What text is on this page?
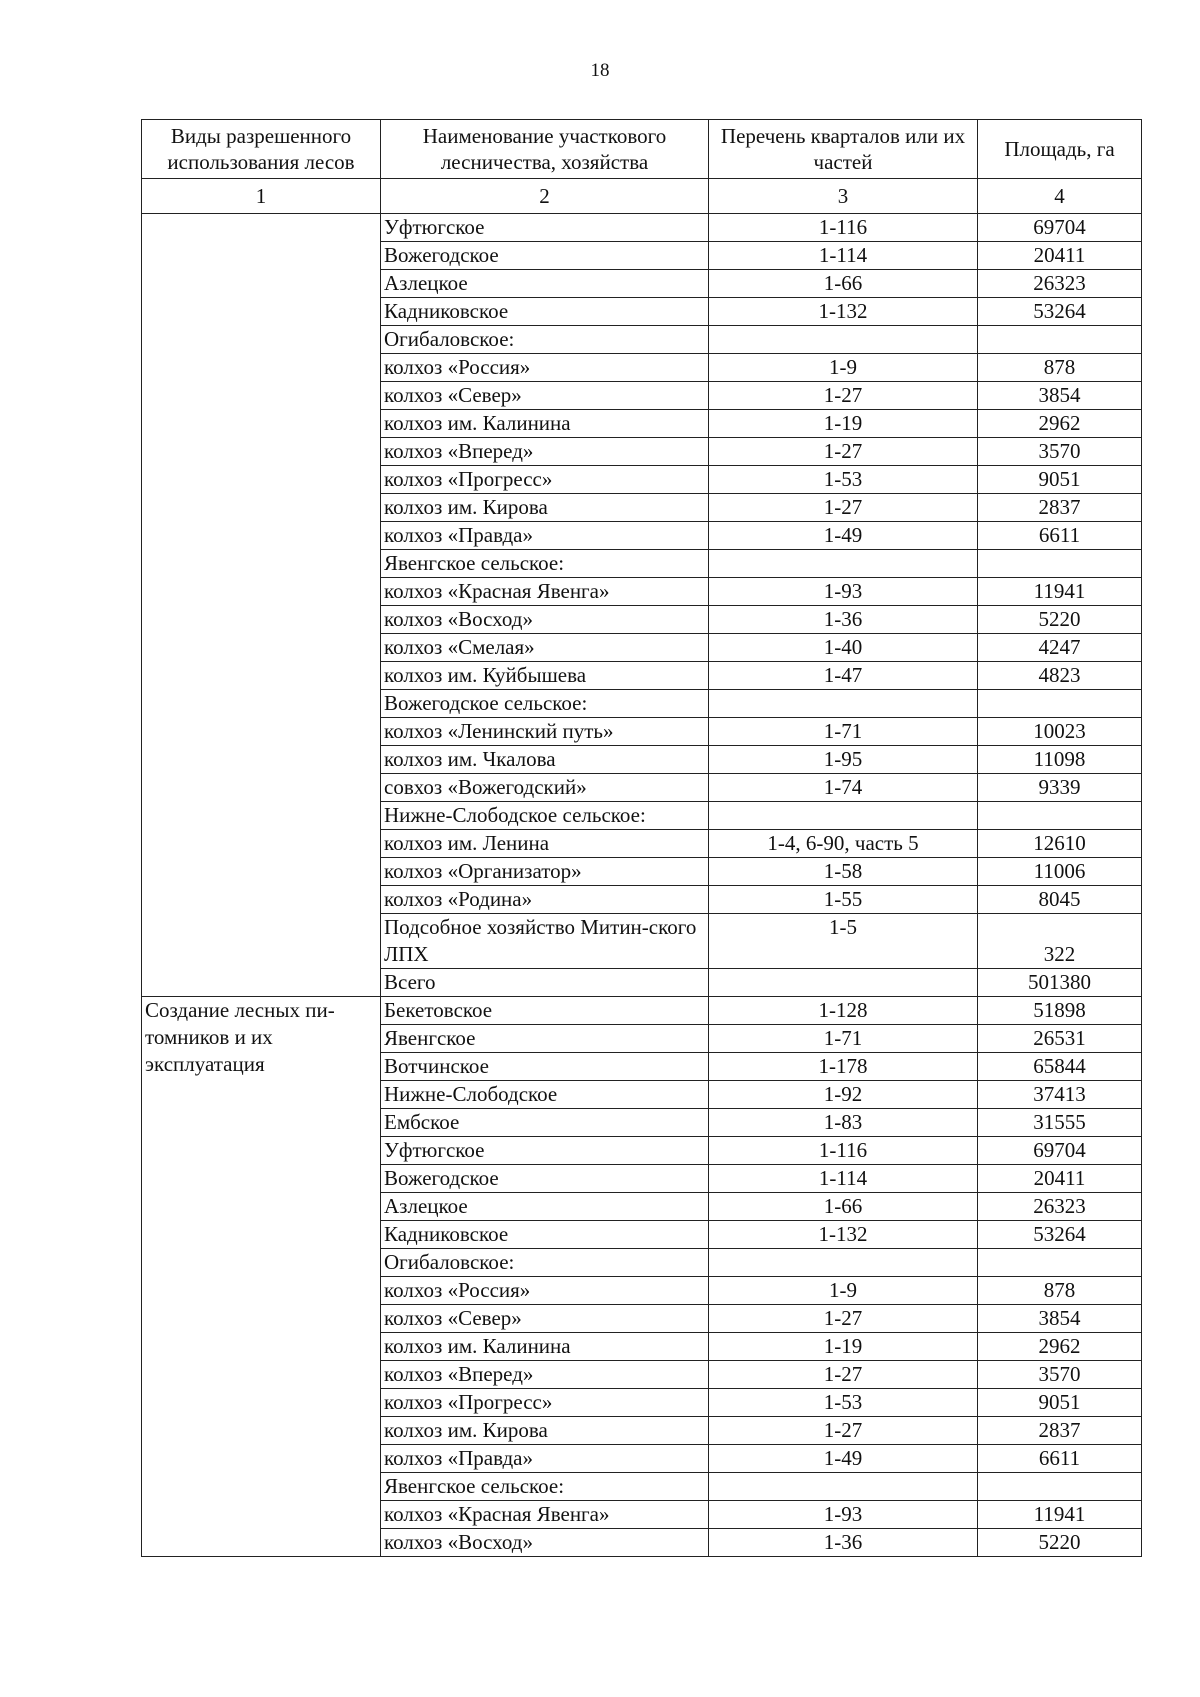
18
Виды разрешенного использования лесов	Наименование участкового лесничества, хозяйства	Перечень кварталов или их частей	Площадь, га
1	2	3	4
	Уфтюгское	1-116	69704
	Вожегодское	1-114	20411
	Азлецкое	1-66	26323
	Кадниковское	1-132	53264
	Огибаловское:		
	колхоз «Россия»	1-9	878
	колхоз «Север»	1-27	3854
	колхоз им. Калинина	1-19	2962
	колхоз «Вперед»	1-27	3570
	колхоз «Прогресс»	1-53	9051
	колхоз им. Кирова	1-27	2837
	колхоз «Правда»	1-49	6611
	Явенгское сельское:		
	колхоз «Красная Явенга»	1-93	11941
	колхоз «Восход»	1-36	5220
	колхоз «Смелая»	1-40	4247
	колхоз им. Куйбышева	1-47	4823
	Вожегодское сельское:		
	колхоз «Ленинский путь»	1-71	10023
	колхоз им. Чкалова	1-95	11098
	совхоз «Вожегодский»	1-74	9339
	Нижне-Слободское сельское:		
	колхоз им. Ленина	1-4, 6-90, часть 5	12610
	колхоз «Организатор»	1-58	11006
	колхоз «Родина»	1-55	8045
	Подсобное хозяйство Митин-ского ЛПХ	1-5	322
	Всего		501380
Создание лесных пи-томников и их эксплуатация	Бекетовское	1-128	51898
	Явенгское	1-71	26531
	Вотчинское	1-178	65844
	Нижне-Слободское	1-92	37413
	Ембское	1-83	31555
	Уфтюгское	1-116	69704
	Вожегодское	1-114	20411
	Азлецкое	1-66	26323
	Кадниковское	1-132	53264
	Огибаловское:		
	колхоз «Россия»	1-9	878
	колхоз «Север»	1-27	3854
	колхоз им. Калинина	1-19	2962
	колхоз «Вперед»	1-27	3570
	колхоз «Прогресс»	1-53	9051
	колхоз им. Кирова	1-27	2837
	колхоз «Правда»	1-49	6611
	Явенгское сельское:		
	колхоз «Красная Явенга»	1-93	11941
	колхоз «Восход»	1-36	5220
